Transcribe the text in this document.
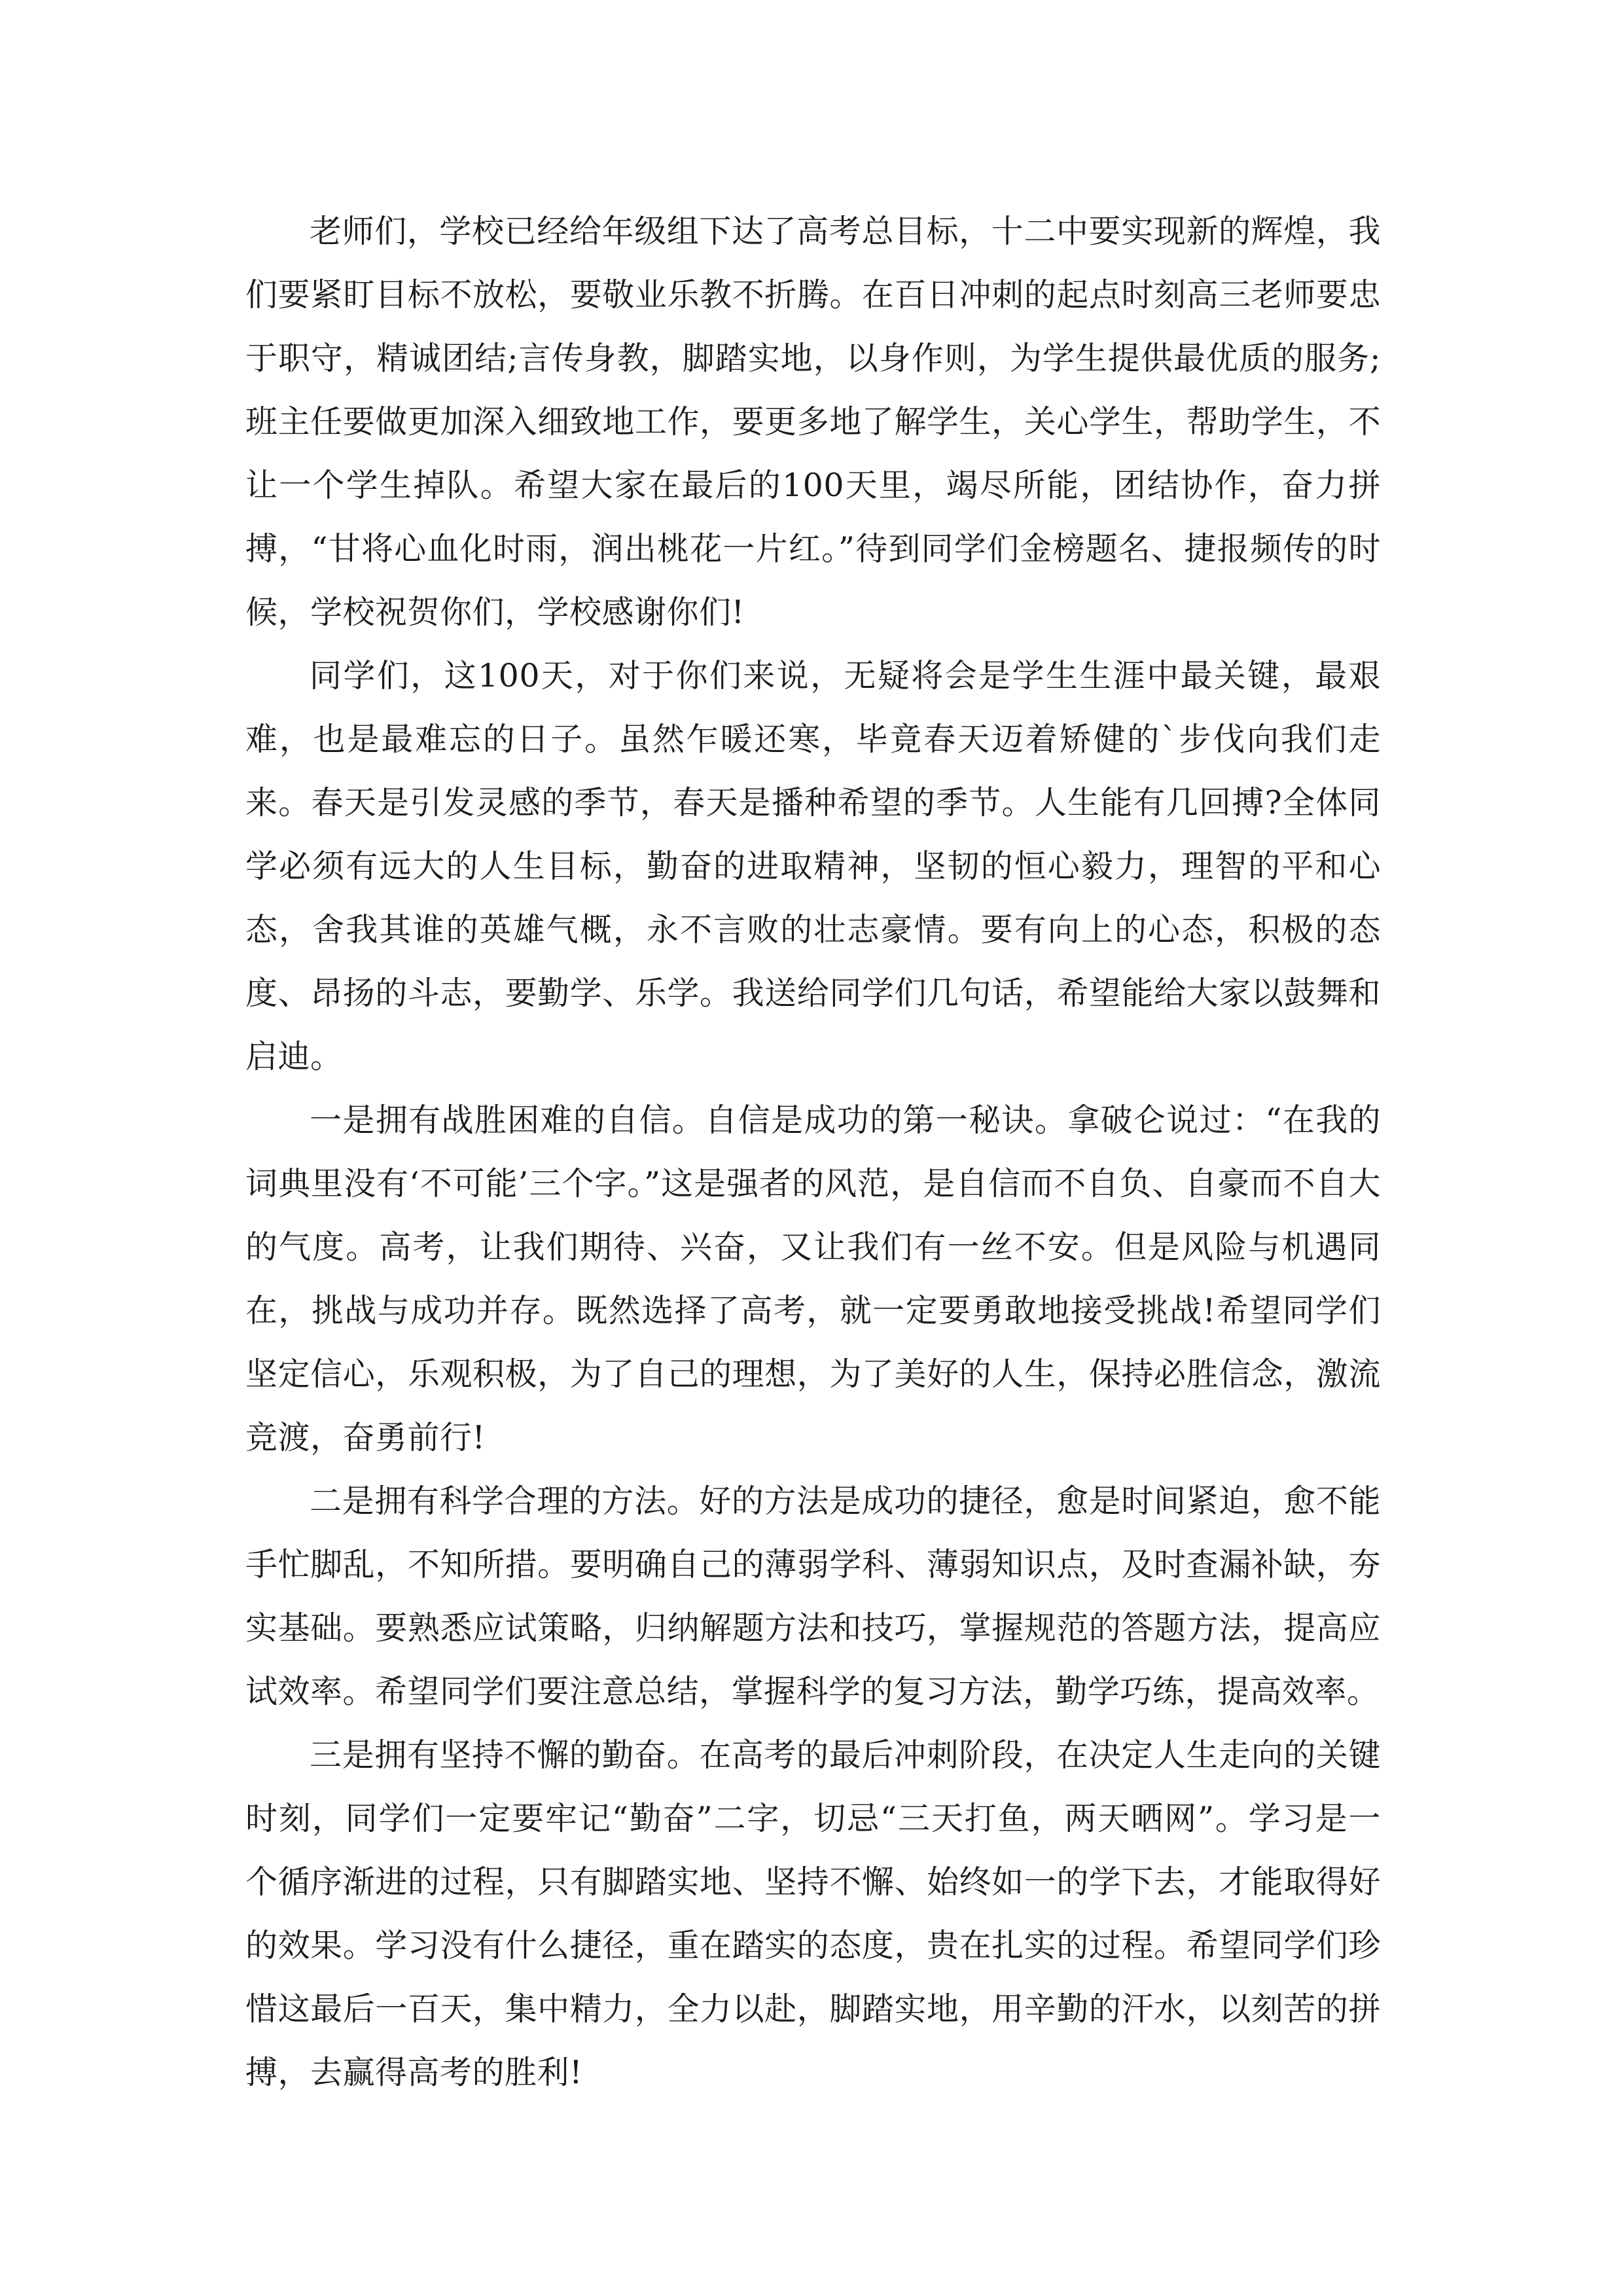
老师们，学校已经给年级组下达了高考总目标，十二中要实现新的辉煌，我们要紧盯目标不放松，要敬业乐教不折腾。在百日冲刺的起点时刻高三老师要忠于职守，精诚团结;言传身教，脚踏实地，以身作则，为学生提供最优质的服务;班主任要做更加深入细致地工作，要更多地了解学生，关心学生，帮助学生，不让一个学生掉队。希望大家在最后的100天里，竭尽所能，团结协作，奋力拼搏，“甘将心血化时雨，润出桃花一片红。”待到同学们金榜题名、捷报频传的时候，学校祝贺你们，学校感谢你们!

同学们，这100天，对于你们来说，无疑将会是学生生涯中最关键，最艰难，也是最难忘的日子。虽然乍暖还寒，毕竟春天迈着矫健的`步伐向我们走来。春天是引发灵感的季节，春天是播种希望的季节。人生能有几回搏?全体同学必须有远大的人生目标，勤奋的进取精神，坚韧的恒心毅力，理智的平和心态，舍我其谁的英雄气概，永不言败的壮志豪情。要有向上的心态，积极的态度、昂扬的斗志，要勤学、乐学。我送给同学们几句话，希望能给大家以鼓舞和启迪。

一是拥有战胜困难的自信。自信是成功的第一秘诀。拿破仑说过：“在我的词典里没有‘不可能’三个字。”这是强者的风范，是自信而不自负、自豪而不自大的气度。高考，让我们期待、兴奋，又让我们有一丝不安。但是风险与机遇同在，挑战与成功并存。既然选择了高考，就一定要勇敢地接受挑战!希望同学们坚定信心，乐观积极，为了自己的理想，为了美好的人生，保持必胜信念，激流竞渡，奋勇前行!

二是拥有科学合理的方法。好的方法是成功的捷径，愈是时间紧迫，愈不能手忙脚乱，不知所措。要明确自己的薄弱学科、薄弱知识点，及时查漏补缺，夯实基础。要熟悉应试策略，归纳解题方法和技巧，掌握规范的答题方法，提高应试效率。希望同学们要注意总结，掌握科学的复习方法，勤学巧练，提高效率。

三是拥有坚持不懈的勤奋。在高考的最后冲刺阶段，在决定人生走向的关键时刻，同学们一定要牢记“勤奋”二字，切忌“三天打鱼，两天晒网”。学习是一个循序渐进的过程，只有脚踏实地、坚持不懈、始终如一的学下去，才能取得好的效果。学习没有什么捷径，重在踏实的态度，贵在扎实的过程。希望同学们珍惜这最后一百天，集中精力，全力以赴，脚踏实地，用辛勤的汗水，以刻苦的拼搏，去赢得高考的胜利!
